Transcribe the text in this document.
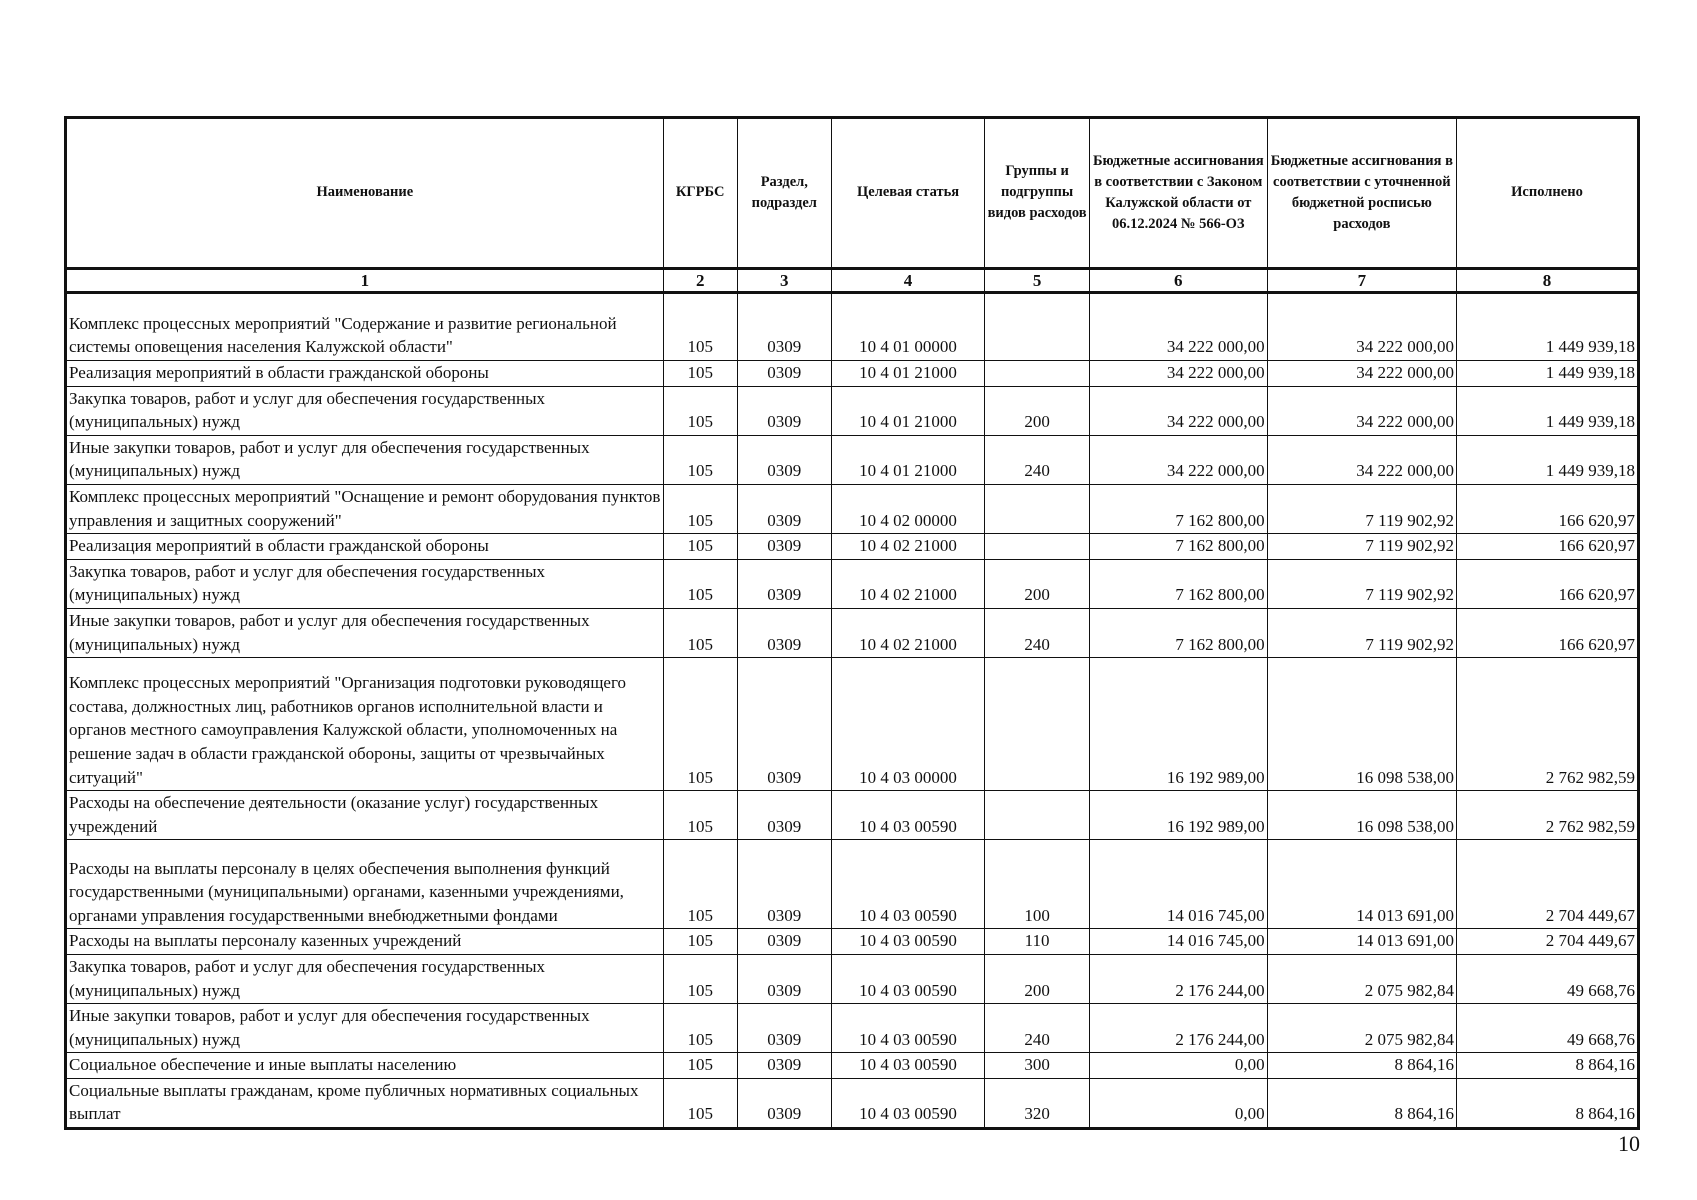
Наименование	КГРБС	Раздел, подраздел	Целевая статья	Группы и подгруппы видов расходов	Бюджетные ассигнования в соответствии с Законом Калужской области от 06.12.2024 № 566-ОЗ	Бюджетные ассигнования в соответствии с уточненной бюджетной росписью расходов	Исполнено
1	2	3	4	5	6	7	8
Комплекс процессных мероприятий "Содержание и развитие региональной системы оповещения населения Калужской области"	105	0309	10 4 01 00000		34 222 000,00	34 222 000,00	1 449 939,18
Реализация мероприятий в области гражданской обороны	105	0309	10 4 01 21000		34 222 000,00	34 222 000,00	1 449 939,18
Закупка товаров, работ и услуг для обеспечения государственных (муниципальных) нужд	105	0309	10 4 01 21000	200	34 222 000,00	34 222 000,00	1 449 939,18
Иные закупки товаров, работ и услуг для обеспечения государственных (муниципальных) нужд	105	0309	10 4 01 21000	240	34 222 000,00	34 222 000,00	1 449 939,18
Комплекс процессных мероприятий "Оснащение и ремонт оборудования пунктов управления и защитных сооружений"	105	0309	10 4 02 00000		7 162 800,00	7 119 902,92	166 620,97
Реализация мероприятий в области гражданской обороны	105	0309	10 4 02 21000		7 162 800,00	7 119 902,92	166 620,97
Закупка товаров, работ и услуг для обеспечения государственных (муниципальных) нужд	105	0309	10 4 02 21000	200	7 162 800,00	7 119 902,92	166 620,97
Иные закупки товаров, работ и услуг для обеспечения государственных (муниципальных) нужд	105	0309	10 4 02 21000	240	7 162 800,00	7 119 902,92	166 620,97
Комплекс процессных мероприятий "Организация подготовки руководящего состава, должностных лиц, работников органов исполнительной власти и органов местного самоуправления Калужской области, уполномоченных на решение задач в области гражданской обороны, защиты от чрезвычайных ситуаций"	105	0309	10 4 03 00000		16 192 989,00	16 098 538,00	2 762 982,59
Расходы на обеспечение деятельности (оказание услуг) государственных учреждений	105	0309	10 4 03 00590		16 192 989,00	16 098 538,00	2 762 982,59
Расходы на выплаты персоналу в целях обеспечения выполнения функций государственными (муниципальными) органами, казенными учреждениями, органами управления государственными внебюджетными фондами	105	0309	10 4 03 00590	100	14 016 745,00	14 013 691,00	2 704 449,67
Расходы на выплаты персоналу казенных учреждений	105	0309	10 4 03 00590	110	14 016 745,00	14 013 691,00	2 704 449,67
Закупка товаров, работ и услуг для обеспечения государственных (муниципальных) нужд	105	0309	10 4 03 00590	200	2 176 244,00	2 075 982,84	49 668,76
Иные закупки товаров, работ и услуг для обеспечения государственных (муниципальных) нужд	105	0309	10 4 03 00590	240	2 176 244,00	2 075 982,84	49 668,76
Социальное обеспечение и иные выплаты населению	105	0309	10 4 03 00590	300	0,00	8 864,16	8 864,16
Социальные выплаты гражданам, кроме публичных нормативных социальных выплат	105	0309	10 4 03 00590	320	0,00	8 864,16	8 864,16
10
